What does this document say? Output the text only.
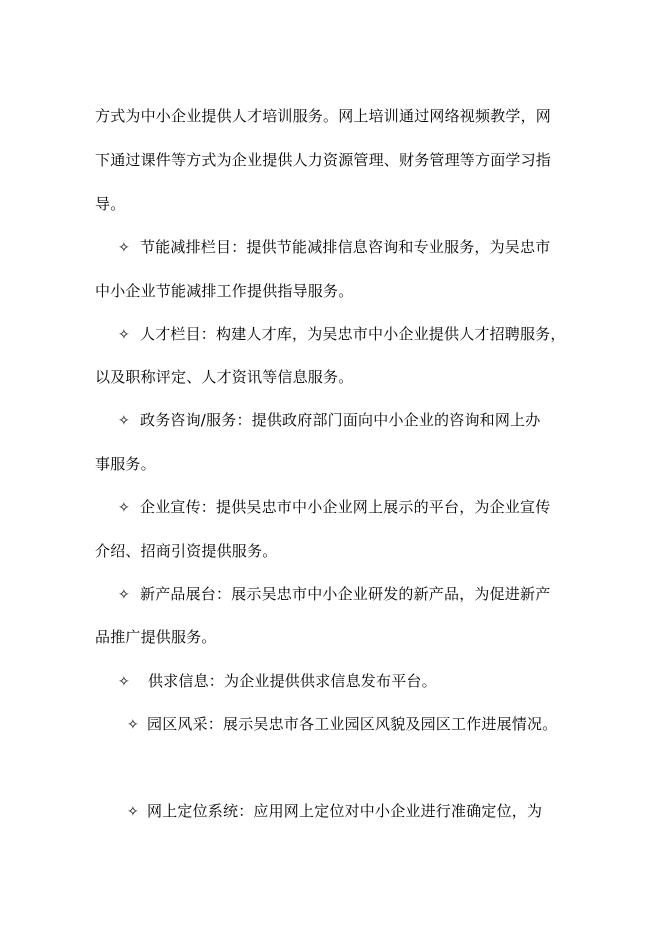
方式为中小企业提供人才培训服务。网上培训通过网络视频教学，网
下通过课件等方式为企业提供人力资源管理、财务管理等方面学习指
导。
✧ 节能减排栏目：提供节能减排信息咨询和专业服务，为吴忠市
中小企业节能减排工作提供指导服务。
✧ 人才栏目：构建人才库，为吴忠市中小企业提供人才招聘服务，
以及职称评定、人才资讯等信息服务。
✧ 政务咨询/服务：提供政府部门面向中小企业的咨询和网上办
事服务。
✧ 企业宣传：提供吴忠市中小企业网上展示的平台，为企业宣传
介绍、招商引资提供服务。
✧ 新产品展台：展示吴忠市中小企业研发的新产品，为促进新产
品推广提供服务。
✧ 供求信息：为企业提供供求信息发布平台。
✧ 园区风采：展示吴忠市各工业园区风貌及园区工作进展情况。
✧ 网上定位系统：应用网上定位对中小企业进行准确定位，为
